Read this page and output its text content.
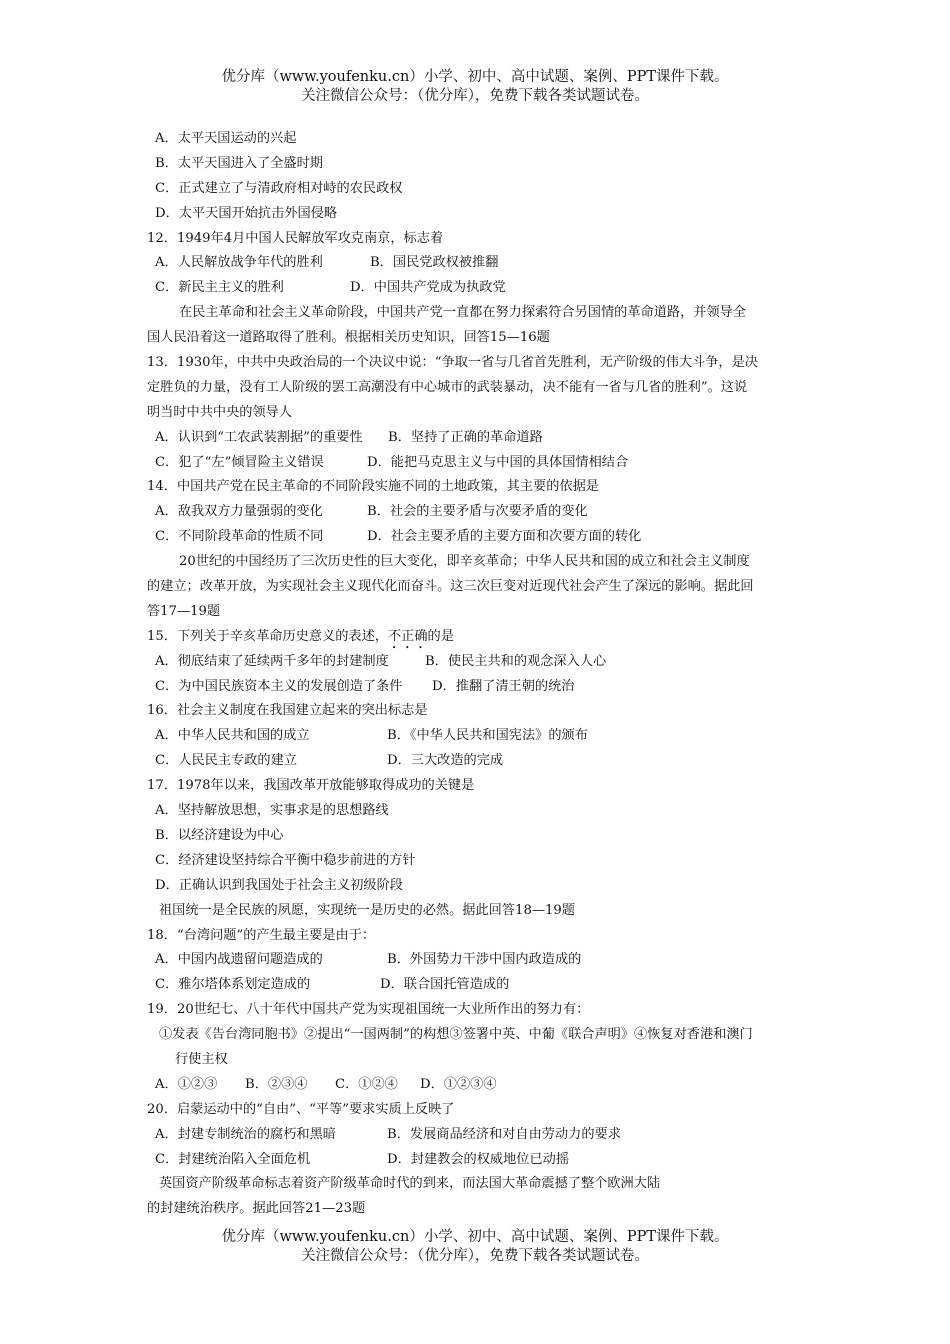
优分库（www.youfenku.cn）小学、初中、高中试题、案例、PPT课件下载。
关注微信公众号：（优分库），免费下载各类试题试卷。
A．太平天国运动的兴起
B．太平天国进入了全盛时期
C．正式建立了与清政府相对峙的农民政权
D．太平天国开始抗击外国侵略
12．1949年4月中国人民解放军攻克南京，标志着
A．人民解放战争年代的胜利	B．国民党政权被推翻
C．新民主主义的胜利	D．中国共产党成为执政党
在民主革命和社会主义革命阶段，中国共产党一直都在努力探索符合另国情的革命道路，并领导全
国人民沿着这一道路取得了胜利。根据相关历史知识，回答15—16题
13．1930年，中共中央政治局的一个决议中说：“争取一省与几省首先胜利，无产阶级的伟大斗争，是决
定胜负的力量，没有工人阶级的罢工高潮没有中心城市的武装暴动，决不能有一省与几省的胜利”。这说
明当时中共中央的领导人
A．认识到“工农武装割据”的重要性	B．坚持了正确的革命道路
C．犯了“左”倾冒险主义错误	D．能把马克思主义与中国的具体国情相结合
14．中国共产党在民主革命的不同阶段实施不同的土地政策，其主要的依据是
A．敌我双方力量强弱的变化	B．社会的主要矛盾与次要矛盾的变化
C．不同阶段革命的性质不同	D．社会主要矛盾的主要方面和次要方面的转化
20世纪的中国经历了三次历史性的巨大变化，即辛亥革命；中华人民共和国的成立和社会主义制度
的建立；改革开放，为实现社会主义现代化而奋斗。这三次巨变对近现代社会产生了深远的影响。据此回
答17—19题
15．下列关于辛亥革命历史意义的表述，不正确的是
A．彻底结束了延续两千多年的封建制度	B．使民主共和的观念深入人心
C．为中国民族资本主义的发展创造了条件	D．推翻了清王朝的统治
16．社会主义制度在我国建立起来的突出标志是
A．中华人民共和国的成立	B．《中华人民共和国宪法》的颁布
C．人民民主专政的建立	D．三大改造的完成
17．1978年以来，我国改革开放能够取得成功的关键是
A．坚持解放思想，实事求是的思想路线
B．以经济建设为中心
C．经济建设坚持综合平衡中稳步前进的方针
D．正确认识到我国处于社会主义初级阶段
祖国统一是全民族的夙愿，实现统一是历史的必然。据此回答18—19题
18．“台湾问题”的产生最主要是由于：
A．中国内战遗留问题造成的	B．外国势力干涉中国内政造成的
C．雅尔塔体系划定造成的	D．联合国托管造成的
19．20世纪七、八十年代中国共产党为实现祖国统一大业所作出的努力有：
①发表《告台湾同胞书》②提出“一国两制”的构想③签署中英、中葡《联合声明》④恢复对香港和澳门
行使主权
A．①②③	B．②③④	C．①②④	D．①②③④
20．启蒙运动中的“自由”、“平等”要求实质上反映了
A．封建专制统治的腐朽和黑暗	B．发展商品经济和对自由劳动力的要求
C．封建统治陷入全面危机	D．封建教会的权威地位已动摇
英国资产阶级革命标志着资产阶级革命时代的到来，而法国大革命震撼了整个欧洲大陆
的封建统治秩序。据此回答21—23题
优分库（www.youfenku.cn）小学、初中、高中试题、案例、PPT课件下载。
关注微信公众号：（优分库），免费下载各类试题试卷。
